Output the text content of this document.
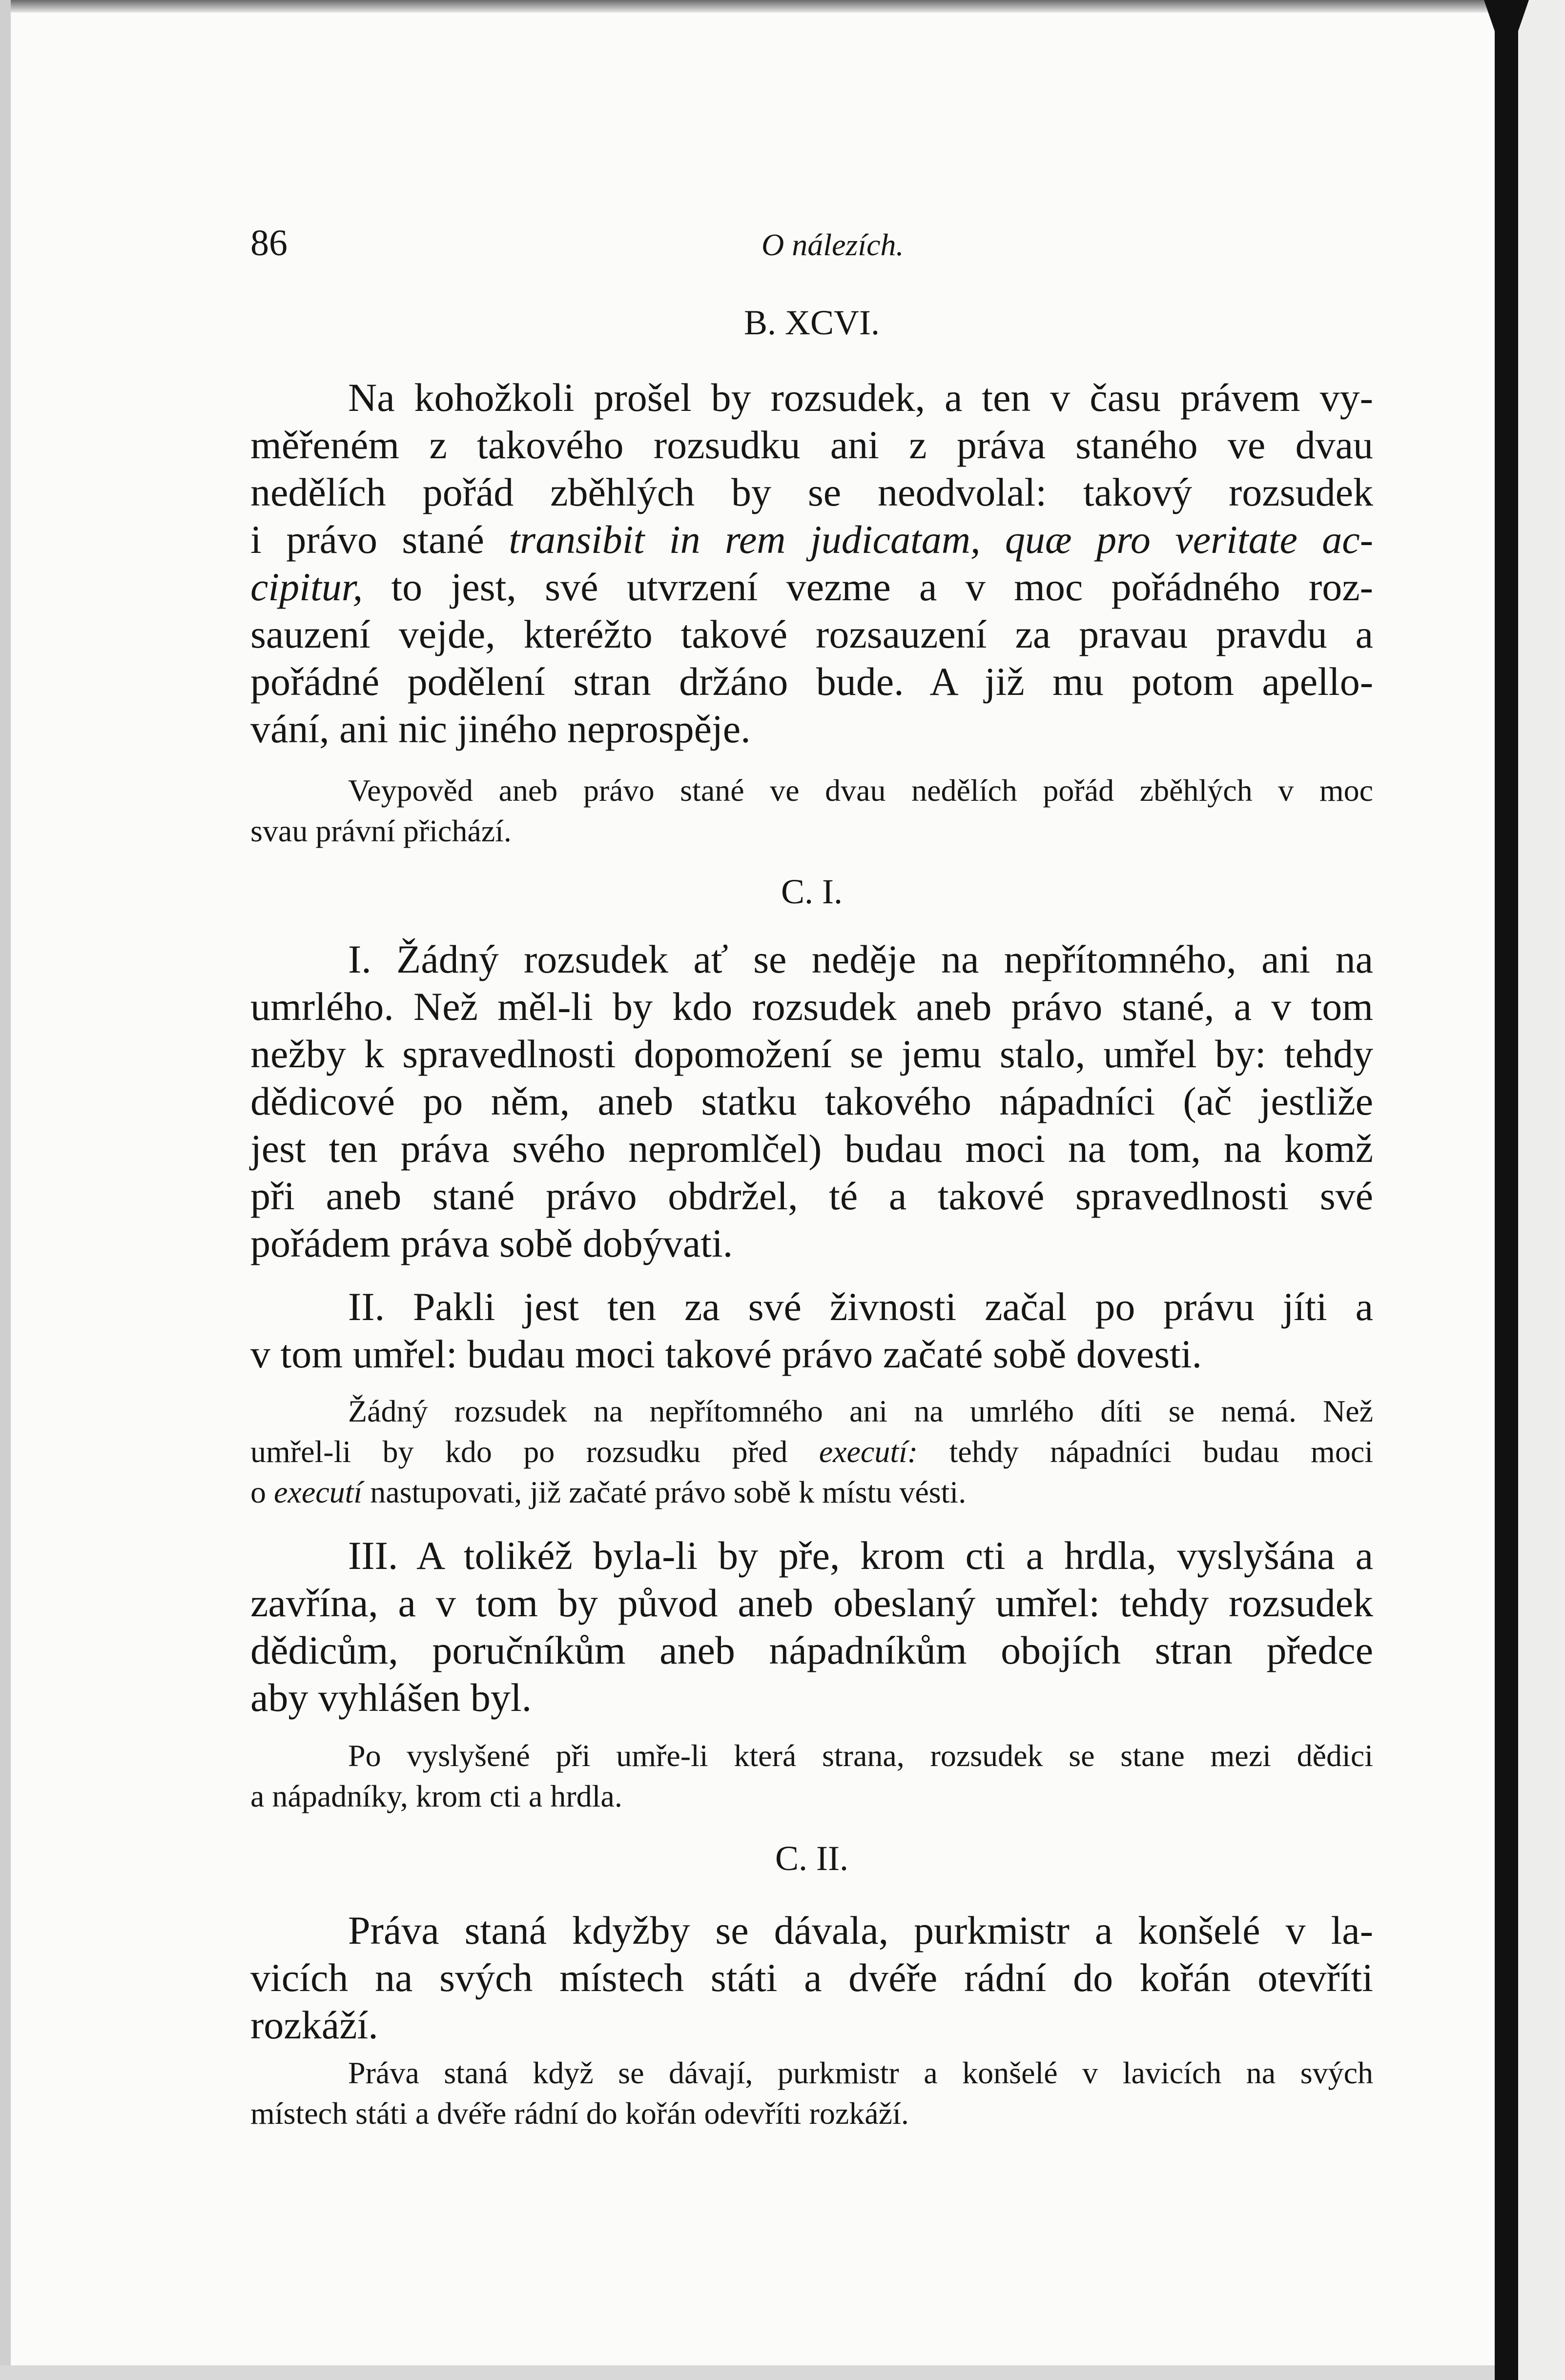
86	O nálezích.
B. XCVI.
Na kohožkoli prošel by rozsudek, a ten v času právem vy-
měřeném z takového rozsudku ani z práva staného ve dvau
nedělích pořád zběhlých by se neodvolal: takový rozsudek
i právo stané transibit in rem judicatam, quæ pro veritate ac-
cipitur, to jest, své utvrzení vezme a v moc pořádného roz-
sauzení vejde, kteréžto takové rozsauzení za pravau pravdu a
pořádné podělení stran držáno bude. A již mu potom apello-
vání, ani nic jiného neprospěje.
Veypověd aneb právo stané ve dvau nedělích pořád zběhlých v moc
svau právní přichází.
C. I.
I. Žádný rozsudek ať se neděje na nepřítomného, ani na
umrlého. Než měl-li by kdo rozsudek aneb právo stané, a v tom
nežby k spravedlnosti dopomožení se jemu stalo, umřel by: tehdy
dědicové po něm, aneb statku takového nápadníci (ač jestliže
jest ten práva svého nepromlčel) budau moci na tom, na komž
při aneb stané právo obdržel, té a takové spravedlnosti své
pořádem práva sobě dobývati.
II. Pakli jest ten za své živnosti začal po právu jíti a
v tom umřel: budau moci takové právo začaté sobě dovesti.
Žádný rozsudek na nepřítomného ani na umrlého díti se nemá. Než
umřel-li by kdo po rozsudku před executí: tehdy nápadníci budau moci
o executí nastupovati, již začaté právo sobě k místu vésti.
III. A tolikéž byla-li by pře, krom cti a hrdla, vyslyšána a
zavřína, a v tom by původ aneb obeslaný umřel: tehdy rozsudek
dědicům, poručníkům aneb nápadníkům obojích stran předce
aby vyhlášen byl.
Po vyslyšené při umře-li která strana, rozsudek se stane mezi dědici
a nápadníky, krom cti a hrdla.
C. II.
Práva staná kdyžby se dávala, purkmistr a konšelé v la-
vicích na svých místech státi a dvéře rádní do kořán otevříti
rozkáží.
Práva staná když se dávají, purkmistr a konšelé v lavicích na svých
místech státi a dvéře rádní do kořán odevříti rozkáží.
